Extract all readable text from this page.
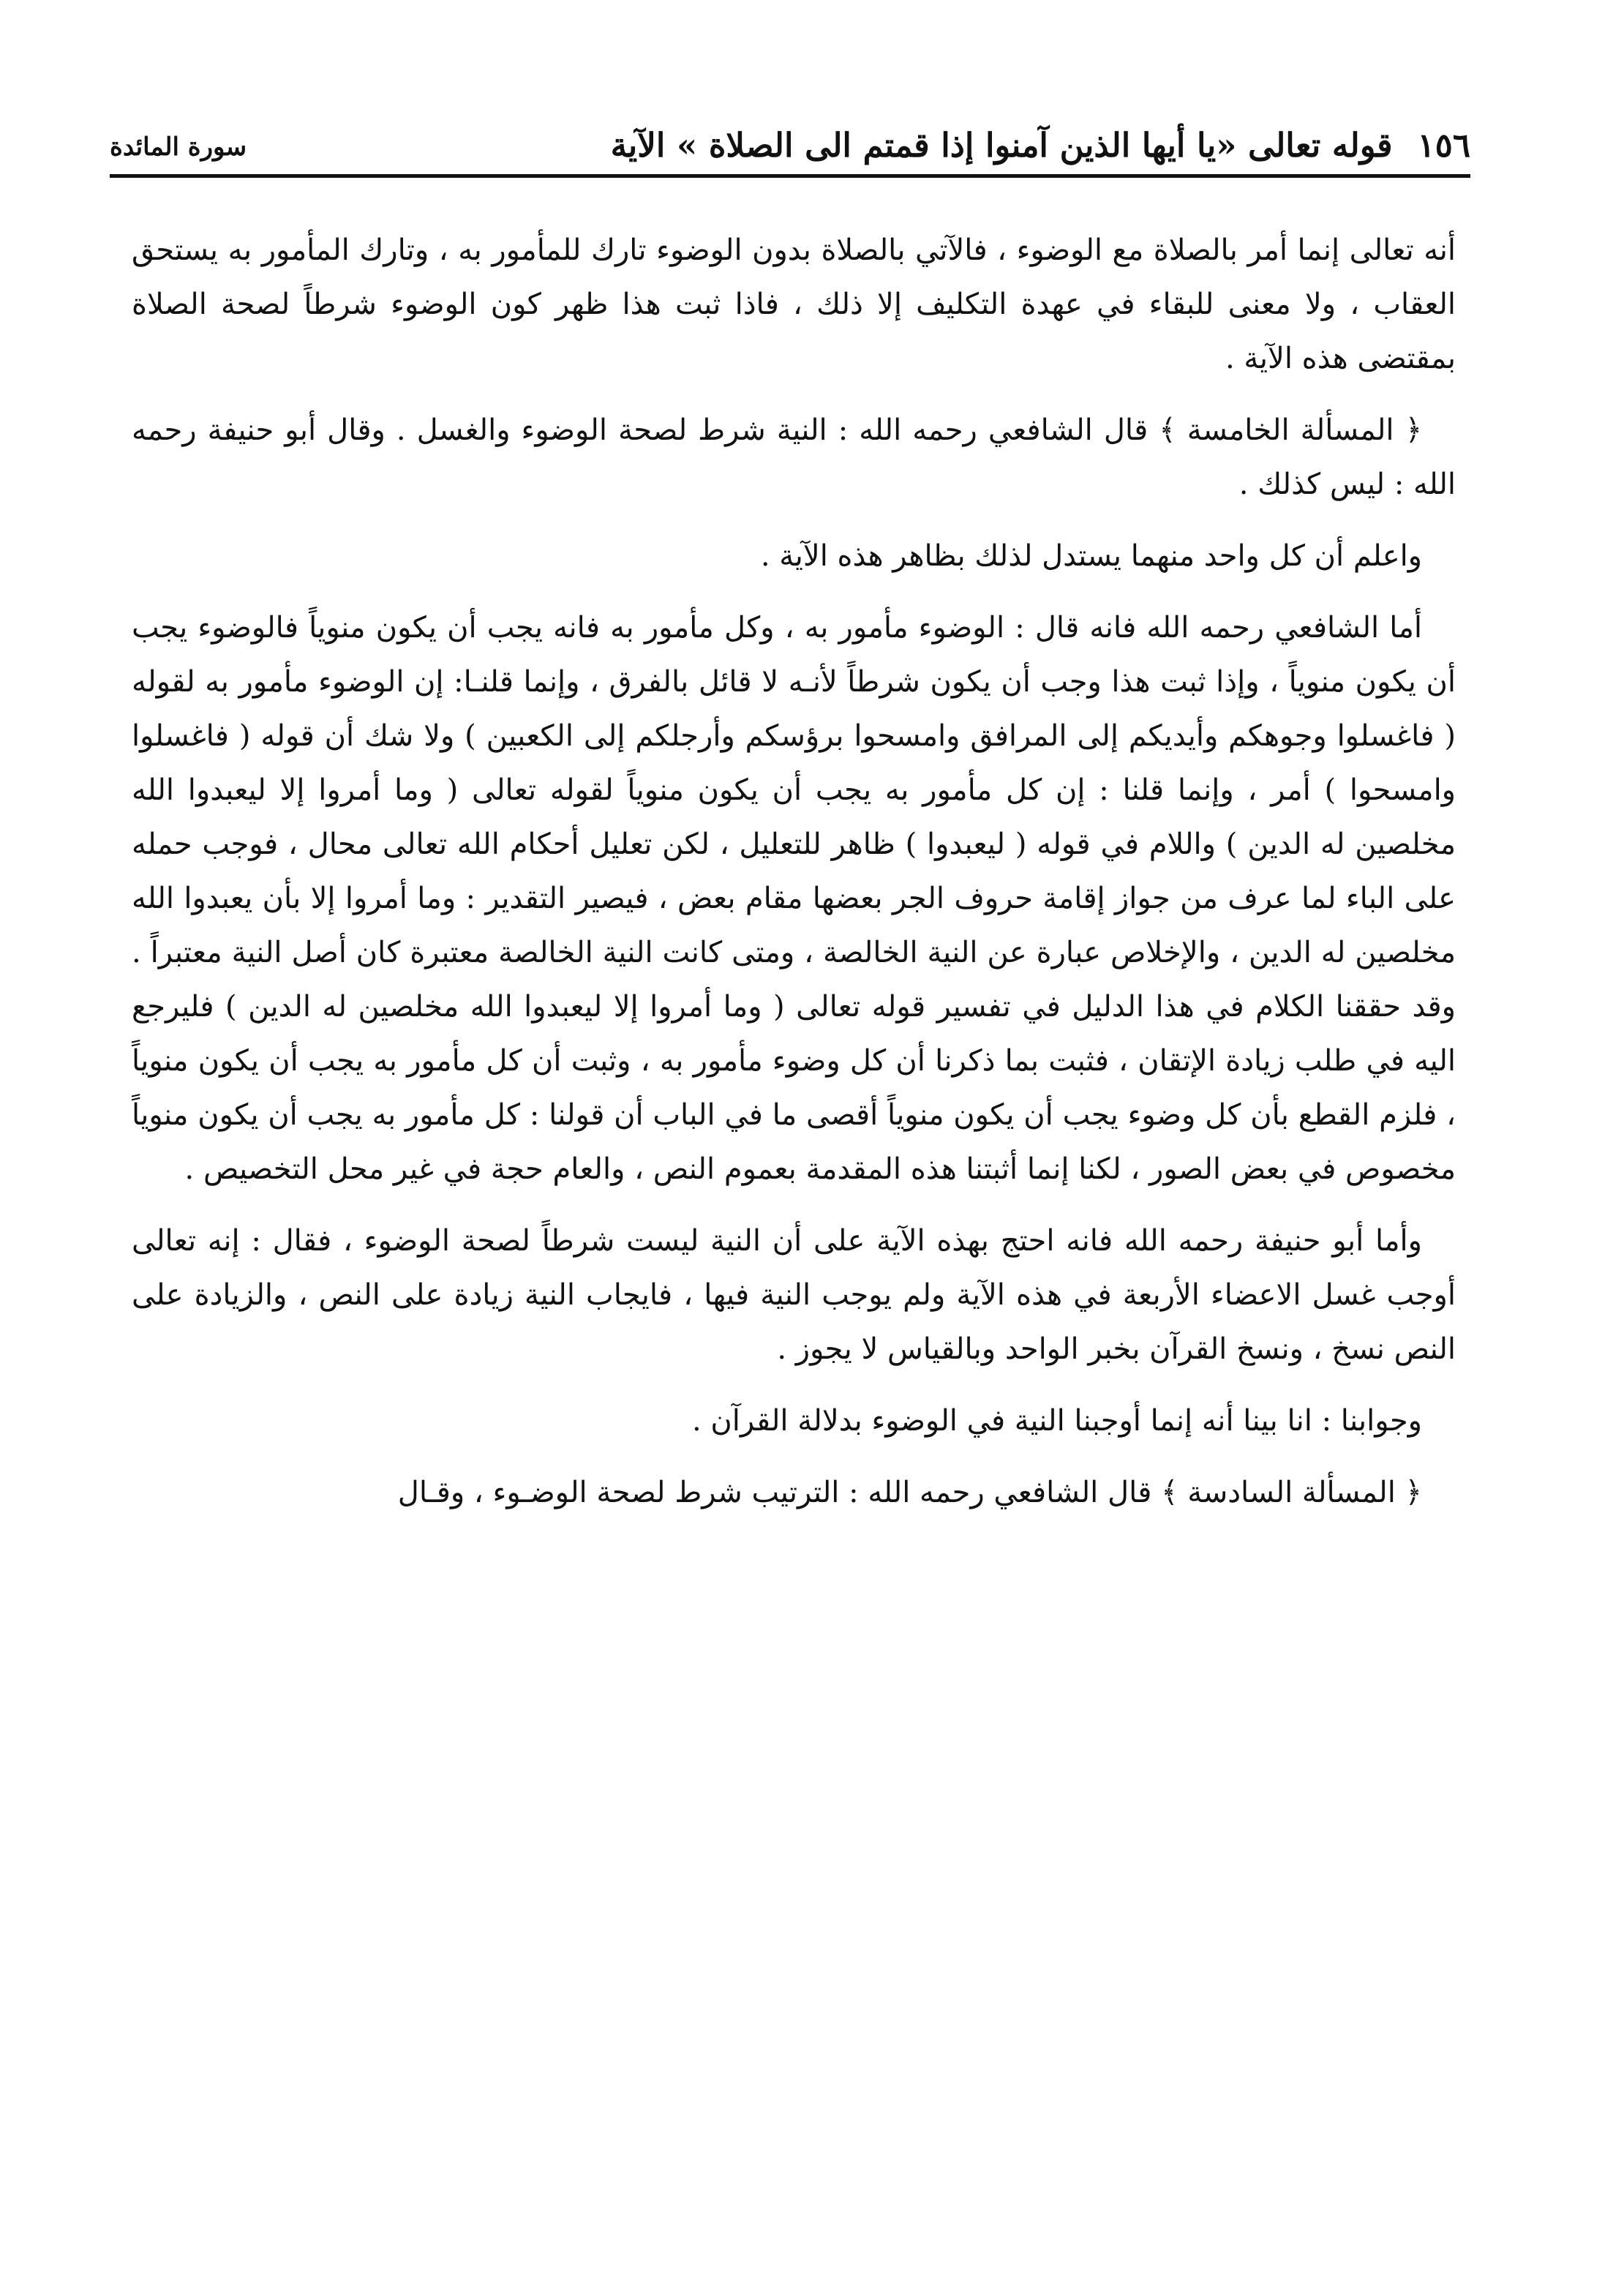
١٥٦قوله تعالى «يا أيها الذين آمنوا إذا قمتم الى الصلاة » الآية
سورة المائدة

أنه تعالى إنما أمر بالصلاة مع الوضوء ، فالآتي بالصلاة بدون الوضوء تارك للمأمور به ، وتارك المأمور به يستحق العقاب ، ولا معنى للبقاء في عهدة التكليف إلا ذلك ، فاذا ثبت هذا ظهر كون الوضوء شرطاً لصحة الصلاة بمقتضى هذه الآية .

﴿ المسألة الخامسة ﴾ قال الشافعي رحمه الله : النية شرط لصحة الوضوء والغسل . وقال أبو حنيفة رحمه الله : ليس كذلك .

واعلم أن كل واحد منهما يستدل لذلك بظاهر هذه الآية .

أما الشافعي رحمه الله فانه قال : الوضوء مأمور به ، وكل مأمور به فانه يجب أن يكون منوياً فالوضوء يجب أن يكون منوياً ، وإذا ثبت هذا وجب أن يكون شرطاً لأنـه لا قائل بالفرق ، وإنما قلنـا: إن الوضوء مأمور به لقوله ( فاغسلوا وجوهكم وأيديكم إلى المرافق وامسحوا برؤسكم وأرجلكم إلى الكعبين ) ولا شك أن قوله ( فاغسلوا وامسحوا ) أمر ، وإنما قلنا : إن كل مأمور به يجب أن يكون منوياً لقوله تعالى ( وما أمروا إلا ليعبدوا الله مخلصين له الدين ) واللام في قوله ( ليعبدوا ) ظاهر للتعليل ، لكن تعليل أحكام الله تعالى محال ، فوجب حمله على الباء لما عرف من جواز إقامة حروف الجر بعضها مقام بعض ، فيصير التقدير : وما أمروا إلا بأن يعبدوا الله مخلصين له الدين ، والإخلاص عبارة عن النية الخالصة ، ومتى كانت النية الخالصة معتبرة كان أصل النية معتبراً . وقد حققنا الكلام في هذا الدليل في تفسير قوله تعالى ( وما أمروا إلا ليعبدوا الله مخلصين له الدين ) فليرجع اليه في طلب زيادة الإتقان ، فثبت بما ذكرنا أن كل وضوء مأمور به ، وثبت أن كل مأمور به يجب أن يكون منوياً ، فلزم القطع بأن كل وضوء يجب أن يكون منوياً أقصى ما في الباب أن قولنا : كل مأمور به يجب أن يكون منوياً مخصوص في بعض الصور ، لكنا إنما أثبتنا هذه المقدمة بعموم النص ، والعام حجة في غير محل التخصيص .

وأما أبو حنيفة رحمه الله فانه احتج بهذه الآية على أن النية ليست شرطاً لصحة الوضوء ، فقال : إنه تعالى أوجب غسل الاعضاء الأربعة في هذه الآية ولم يوجب النية فيها ، فايجاب النية زيادة على النص ، والزيادة على النص نسخ ، ونسخ القرآن بخبر الواحد وبالقياس لا يجوز .

وجوابنا : انا بينا أنه إنما أوجبنا النية في الوضوء بدلالة القرآن .

﴿ المسألة السادسة ﴾ قال الشافعي رحمه الله : الترتيب شرط لصحة الوضـوء ، وقـال
